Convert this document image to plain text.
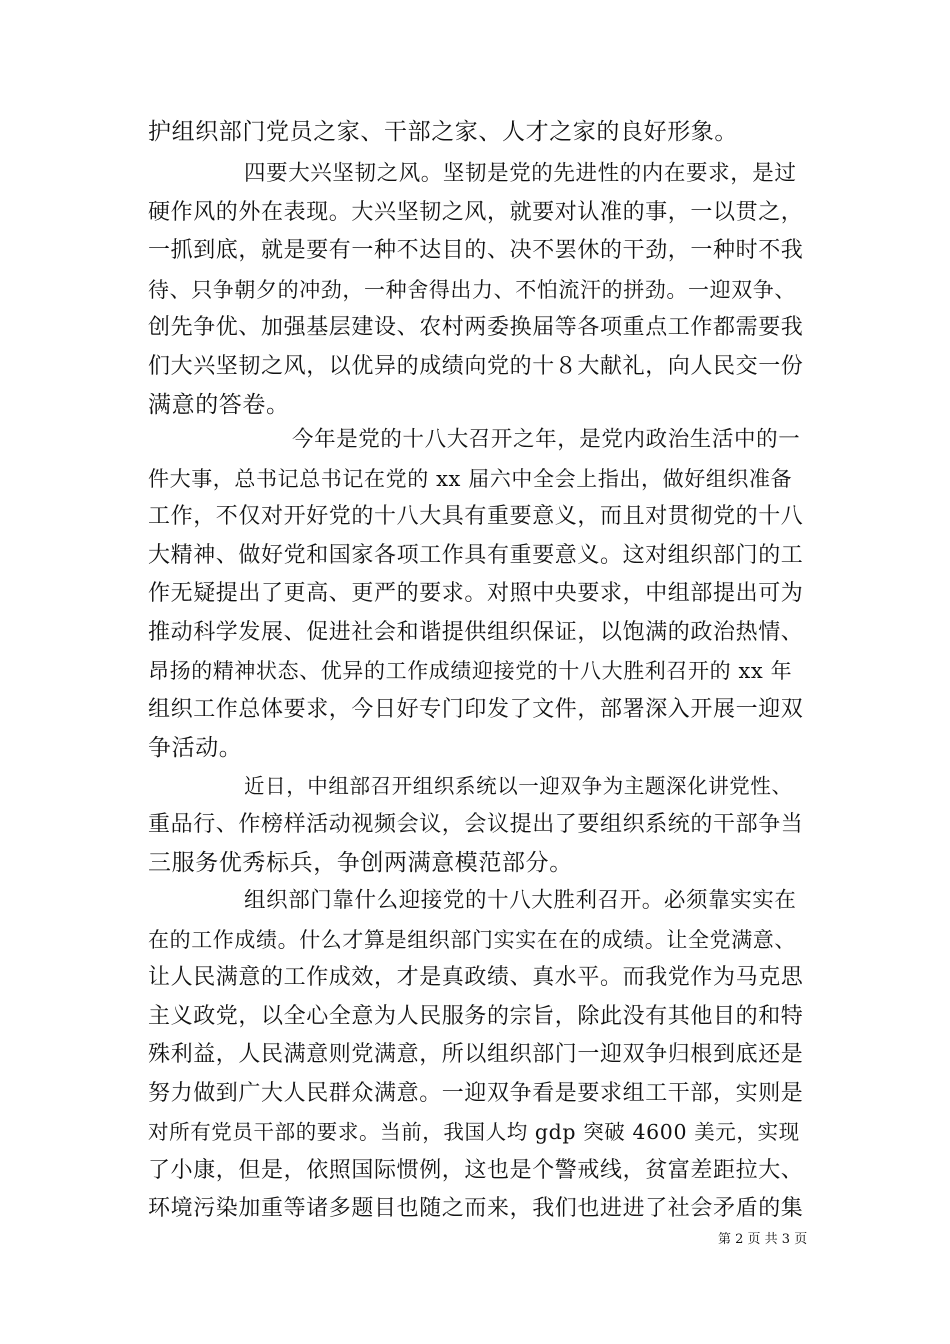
护组织部门党员之家、干部之家、人才之家的良好形象。
四要大兴坚韧之风。坚韧是党的先进性的内在要求，是过
硬作风的外在表现。大兴坚韧之风，就要对认准的事，一以贯之，
一抓到底，就是要有一种不达目的、决不罢休的干劲，一种时不我
待、只争朝夕的冲劲，一种舍得出力、不怕流汗的拼劲。一迎双争、
创先争优、加强基层建设、农村两委换届等各项重点工作都需要我
们大兴坚韧之风，以优异的成绩向党的十８大献礼，向人民交一份
满意的答卷。
今年是党的十八大召开之年，是党内政治生活中的一
件大事，总书记总书记在党的 xx 届六中全会上指出，做好组织准备
工作，不仅对开好党的十八大具有重要意义，而且对贯彻党的十八
大精神、做好党和国家各项工作具有重要意义。这对组织部门的工
作无疑提出了更高、更严的要求。对照中央要求，中组部提出可为
推动科学发展、促进社会和谐提供组织保证，以饱满的政治热情、
昂扬的精神状态、优异的工作成绩迎接党的十八大胜利召开的 xx 年
组织工作总体要求，今日好专门印发了文件，部署深入开展一迎双
争活动。
近日，中组部召开组织系统以一迎双争为主题深化讲党性、
重品行、作榜样活动视频会议，会议提出了要组织系统的干部争当
三服务优秀标兵，争创两满意模范部分。
组织部门靠什么迎接党的十八大胜利召开。必须靠实实在
在的工作成绩。什么才算是组织部门实实在在的成绩。让全党满意、
让人民满意的工作成效，才是真政绩、真水平。而我党作为马克思
主义政党，以全心全意为人民服务的宗旨，除此没有其他目的和特
殊利益，人民满意则党满意，所以组织部门一迎双争归根到底还是
努力做到广大人民群众满意。一迎双争看是要求组工干部，实则是
对所有党员干部的要求。当前，我国人均 gdp 突破 4600 美元，实现
了小康，但是，依照国际惯例，这也是个警戒线，贫富差距拉大、
环境污染加重等诸多题目也随之而来，我们也进进了社会矛盾的集
第 2 页 共 3 页
